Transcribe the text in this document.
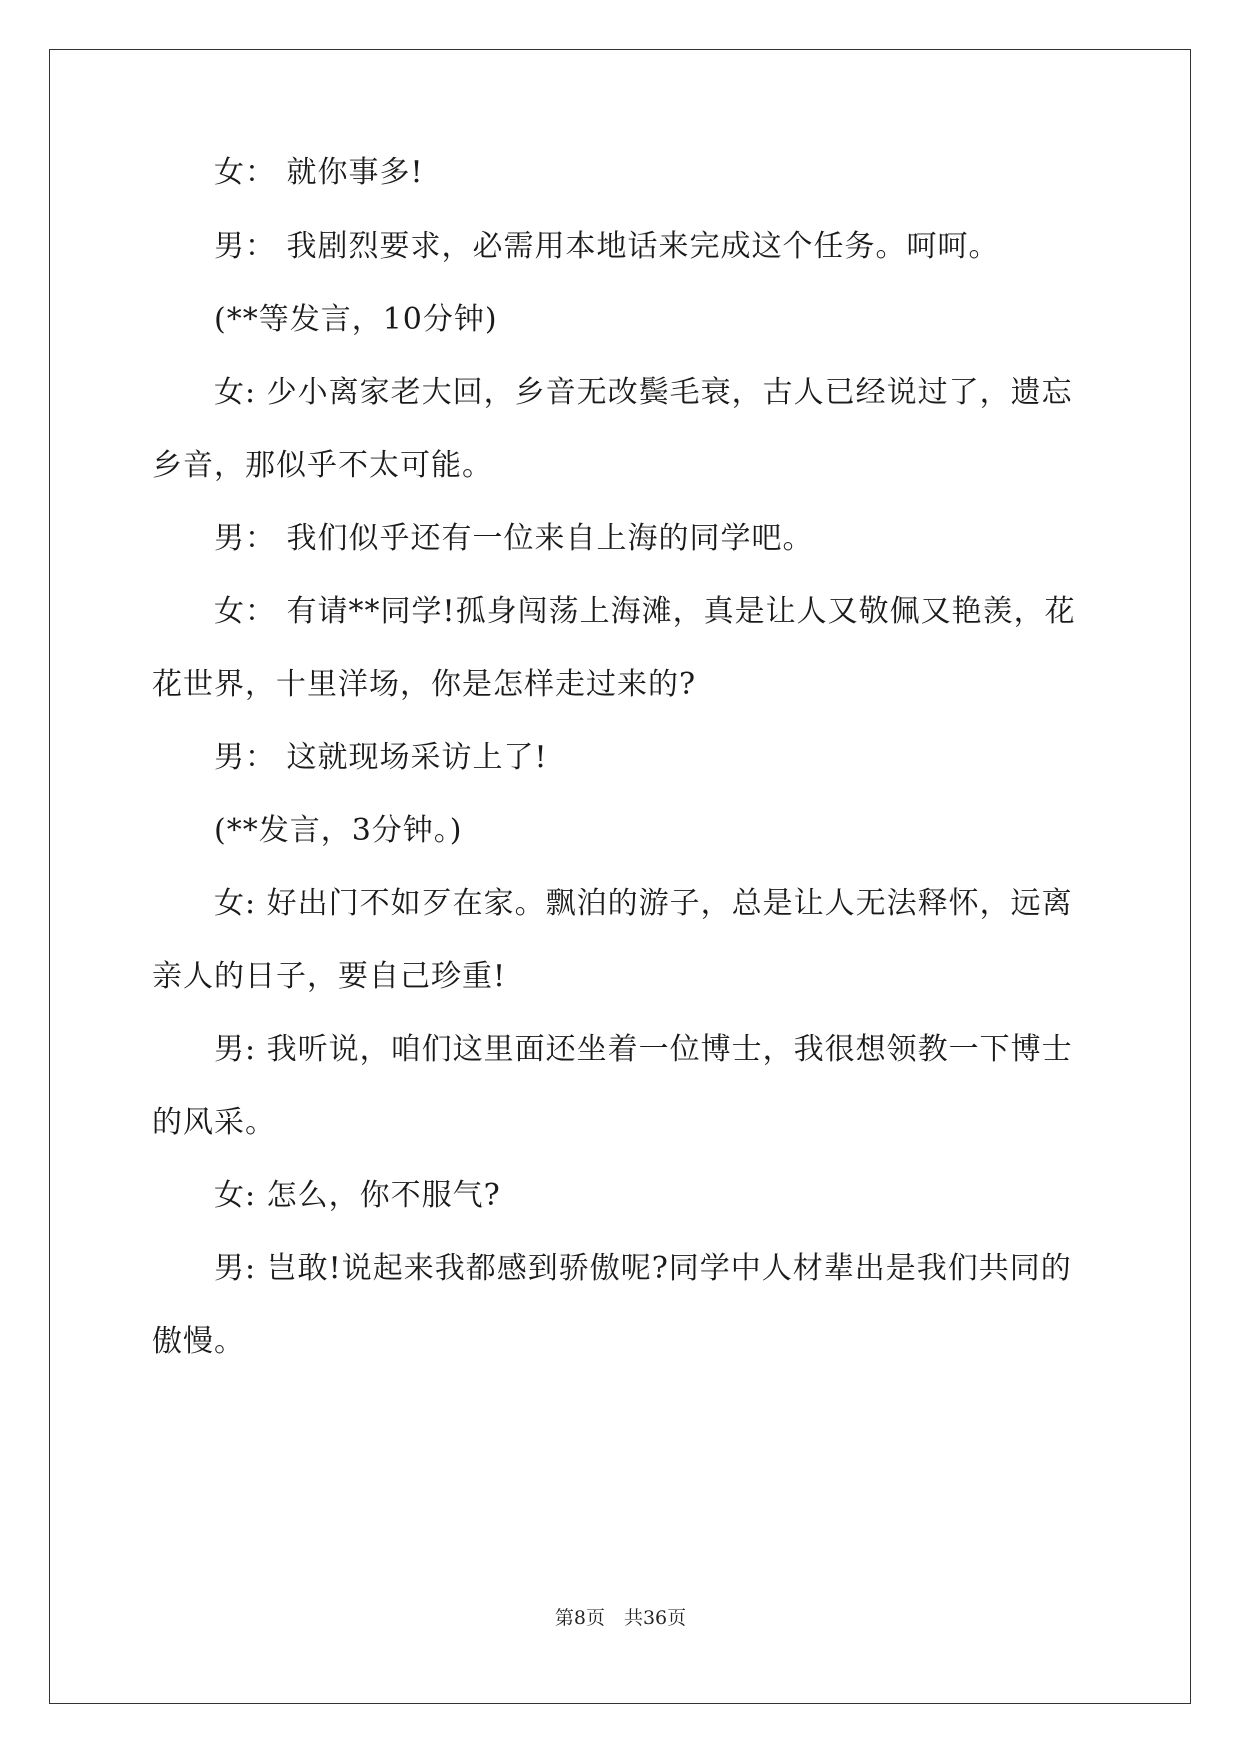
女： 就你事多!
男： 我剧烈要求，必需用本地话来完成这个任务。呵呵。
(**等发言，10分钟)
女: 少小离家老大回，乡音无改鬓毛衰，古人已经说过了，遗忘
乡音，那似乎不太可能。
男： 我们似乎还有一位来自上海的同学吧。
女： 有请**同学!孤身闯荡上海滩，真是让人又敬佩又艳羡，花
花世界，十里洋场，你是怎样走过来的?
男： 这就现场采访上了!
(**发言，3分钟。)
女: 好出门不如歹在家。飘泊的游子，总是让人无法释怀，远离
亲人的日子，要自己珍重!
男: 我听说，咱们这里面还坐着一位博士，我很想领教一下博士
的风采。
女: 怎么，你不服气?
男: 岂敢!说起来我都感到骄傲呢?同学中人材辈出是我们共同的
傲慢。
第8页　共36页
